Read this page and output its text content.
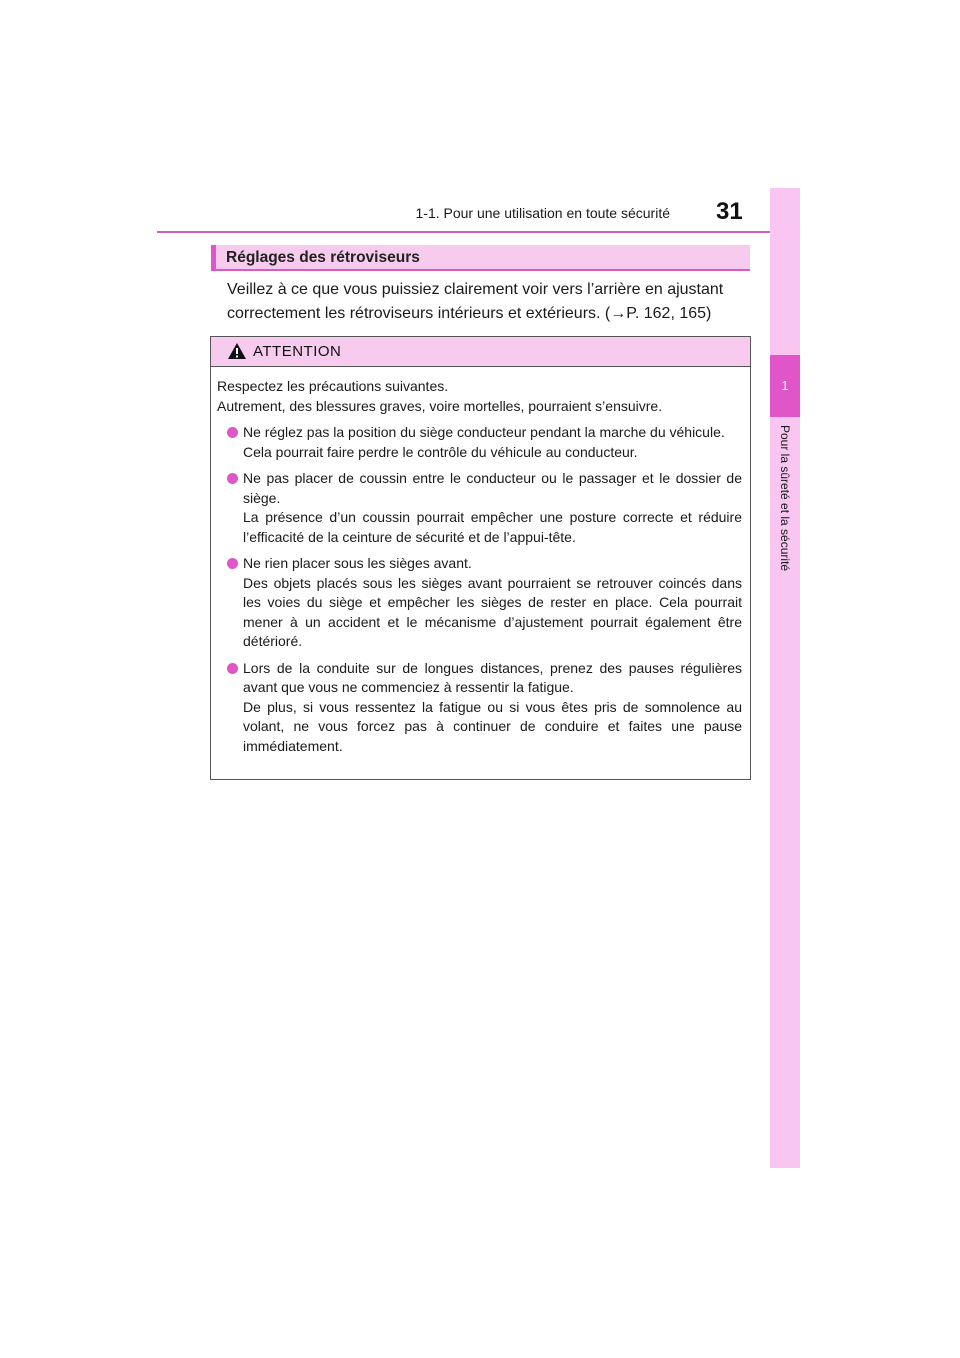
1-1. Pour une utilisation en toute sécurité 31
1
Pour la sûreté et la sécurité
Réglages des rétroviseurs
Veillez à ce que vous puissiez clairement voir vers l’arrière en ajustant correctement les rétroviseurs intérieurs et extérieurs. (→P. 162, 165)
ATTENTION

Respectez les précautions suivantes.

Autrement, des blessures graves, voire mortelles, pourraient s’ensuivre.

Ne réglez pas la position du siège conducteur pendant la marche du véhicule.

Cela pourrait faire perdre le contrôle du véhicule au conducteur.

Ne pas placer de coussin entre le conducteur ou le passager et le dossier de siège.

La présence d’un coussin pourrait empêcher une posture correcte et réduire l’efficacité de la ceinture de sécurité et de l’appui-tête.

Ne rien placer sous les sièges avant.

Des objets placés sous les sièges avant pourraient se retrouver coincés dans les voies du siège et empêcher les sièges de rester en place. Cela pourrait mener à un accident et le mécanisme d’ajustement pourrait également être détérioré.

Lors de la conduite sur de longues distances, prenez des pauses régulières avant que vous ne commenciez à ressentir la fatigue.

De plus, si vous ressentez la fatigue ou si vous êtes pris de somnolence au volant, ne vous forcez pas à continuer de conduire et faites une pause immédiatement.
